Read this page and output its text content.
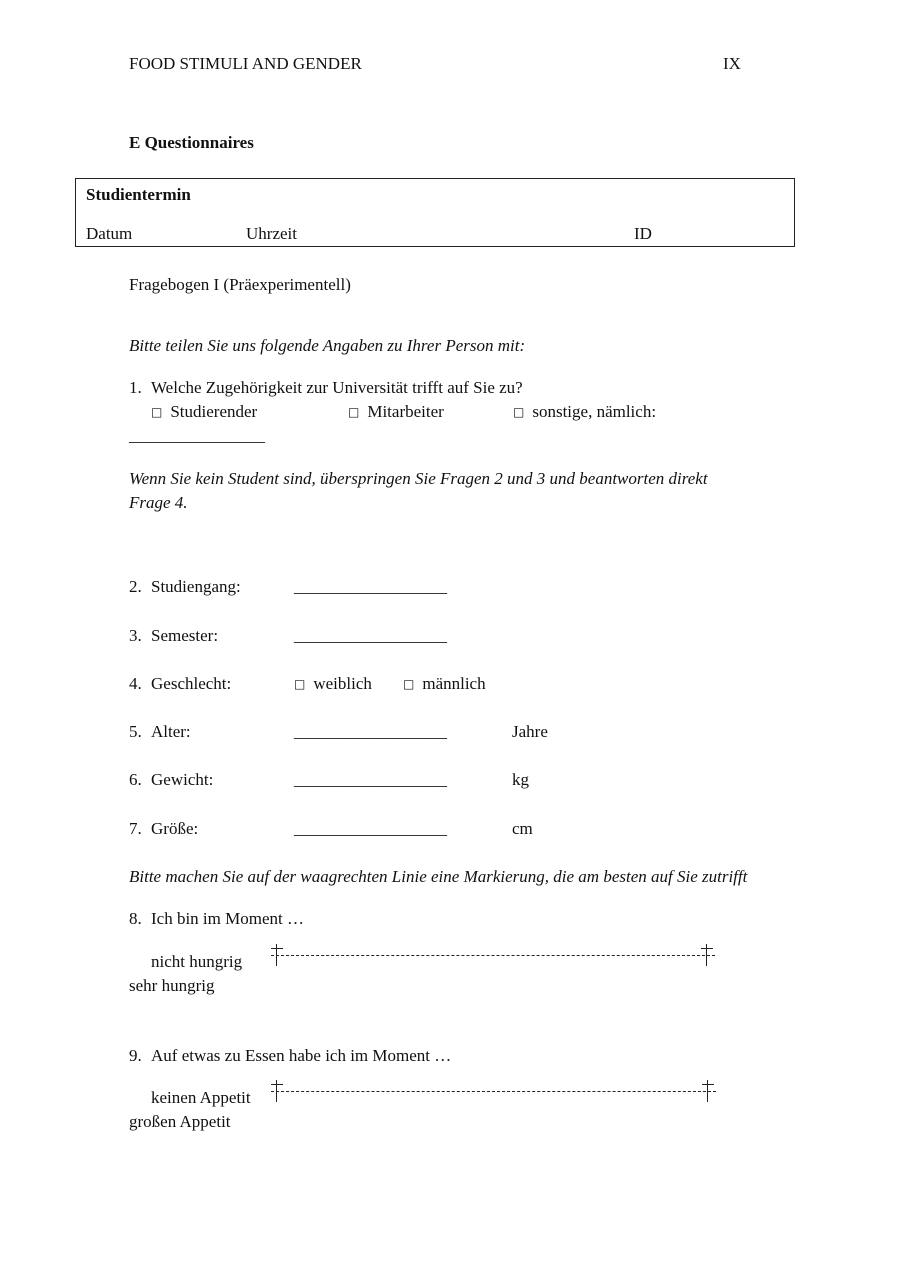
FOOD STIMULI AND GENDER	IX
E Questionnaires
Studientermin
Datum	Uhrzeit	ID
Fragebogen I (Präexperimentell)
Bitte teilen Sie uns folgende Angaben zu Ihrer Person mit:
1. Welche Zugehörigkeit zur Universität trifft auf Sie zu?
□ Studierender	□ Mitarbeiter	□ sonstige, nämlich:
________________
Wenn Sie kein Student sind, überspringen Sie Fragen 2 und 3 und beantworten direkt
Frage 4.
2. Studiengang:	__________________
3. Semester:	__________________
4. Geschlecht:	□ weiblich	□ männlich
5. Alter:	__________________	Jahre
6. Gewicht:	__________________	kg
7. Größe:	__________________	cm
Bitte machen Sie auf der waagrechten Linie eine Markierung, die am besten auf Sie zutrifft
8. Ich bin im Moment …
nicht hungrig
sehr hungrig
9. Auf etwas zu Essen habe ich im Moment …
keinen Appetit
großen Appetit
